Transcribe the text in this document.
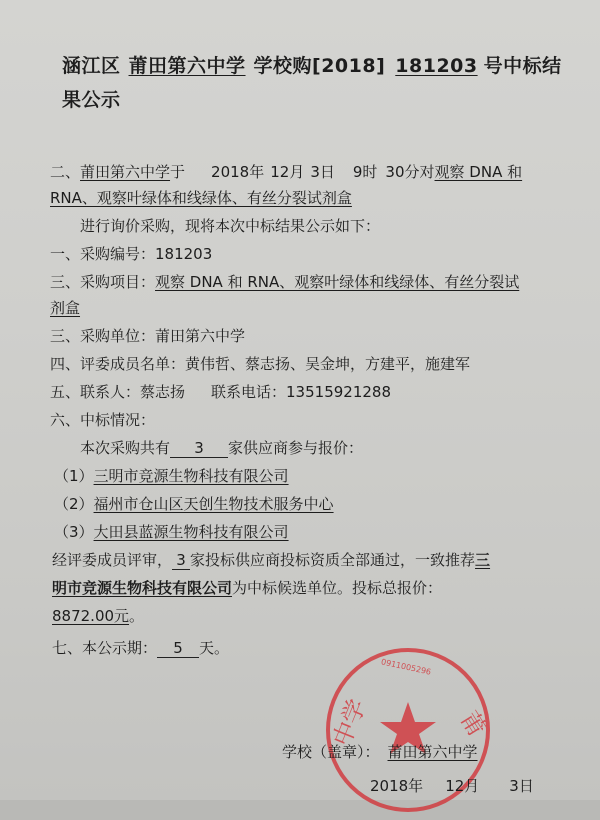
涵江区 莆田第六中学 学校购[2018] 181203 号中标结
果公示
二、莆田第六中学于 2018年 12月 3日 9时 30分对观察 DNA 和
RNA、观察叶绿体和线绿体、有丝分裂试剂盒
进行询价采购，现将本次中标结果公示如下：
一、采购编号：181203
三、采购项目：观察 DNA 和 RNA、观察叶绿体和线绿体、有丝分裂试
剂盒
三、采购单位：莆田第六中学
四、评委成员名单：黄伟哲、蔡志扬、吴金坤，方建平，施建军
五、联系人：蔡志扬 联系电话：13515921288
六、中标情况：
本次采购共有 3 家供应商参与报价：
（1）三明市竞源生物科技有限公司
（2）福州市仓山区天创生物技术服务中心
（3）大田县蓝源生物科技有限公司
经评委成员评审， 3 家投标供应商投标资质全部通过，一致推荐三
明市竞源生物科技有限公司为中标候选单位。投标总报价：
8872.00元。
七、本公示期： 5 天。
中学	莆
0911005296
学校（盖章）： 莆田第六中学
2018年 12月 3日
